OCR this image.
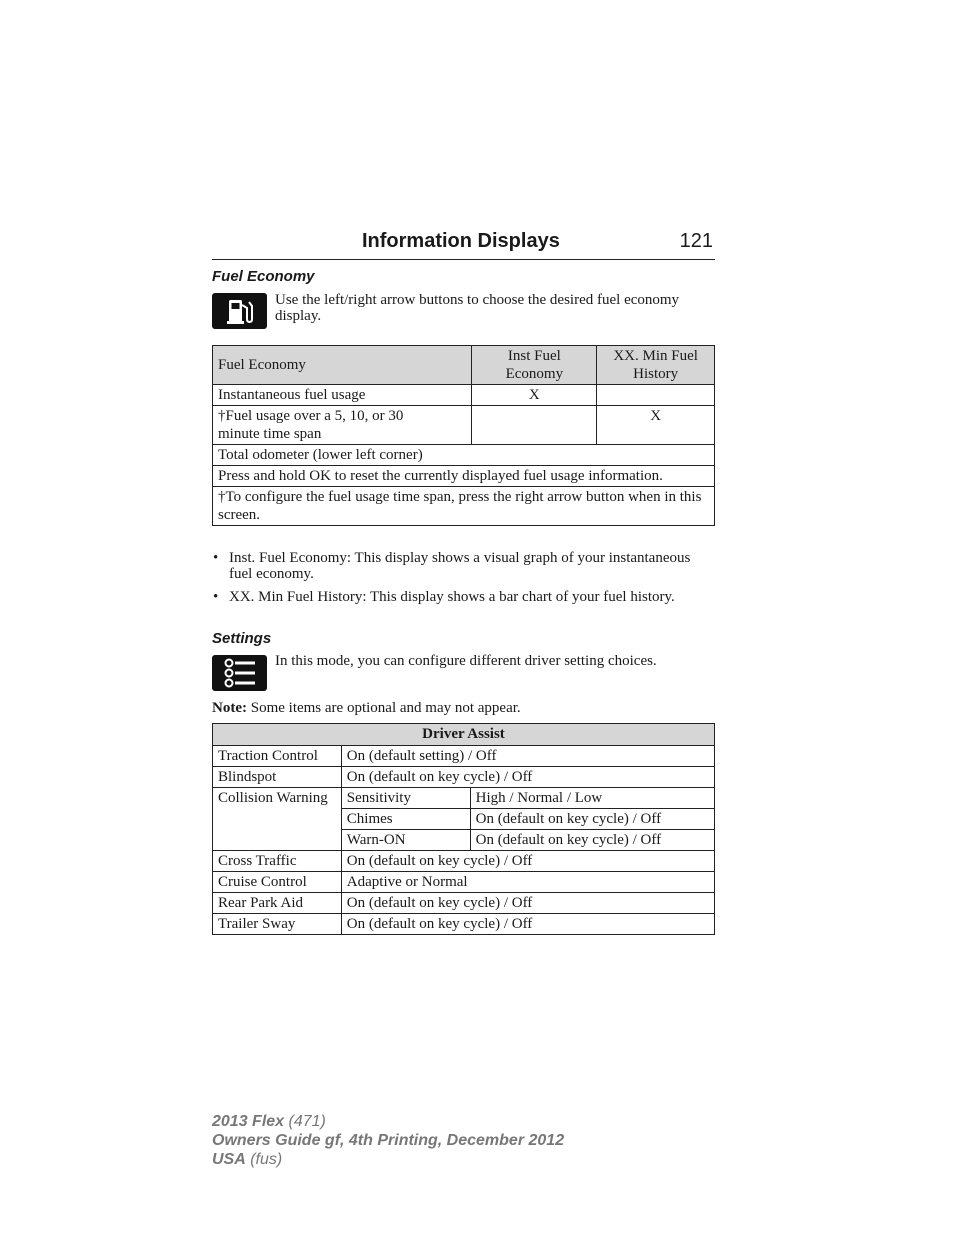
Information Displays	121
Fuel Economy
Use the left/right arrow buttons to choose the desired fuel economy display.
Fuel Economy	Inst Fuel Economy	XX. Min Fuel History
Instantaneous fuel usage	X	
†Fuel usage over a 5, 10, or 30 minute time span		X
Total odometer (lower left corner)		
Press and hold OK to reset the currently displayed fuel usage information.		
†To configure the fuel usage time span, press the right arrow button when in this screen.		
• Inst. Fuel Economy: This display shows a visual graph of your instantaneous fuel economy.
• XX. Min Fuel History: This display shows a bar chart of your fuel history.
Settings
In this mode, you can configure different driver setting choices.
Note: Some items are optional and may not appear.
Driver Assist		
Traction Control	On (default setting) / Off	
Blindspot	On (default on key cycle) / Off	
Collision Warning	Sensitivity	High / Normal / Low
	Chimes	On (default on key cycle) / Off
	Warn-ON	On (default on key cycle) / Off
Cross Traffic	On (default on key cycle) / Off	
Cruise Control	Adaptive or Normal	
Rear Park Aid	On (default on key cycle) / Off	
Trailer Sway	On (default on key cycle) / Off	
2013 Flex (471)
Owners Guide gf, 4th Printing, December 2012
USA (fus)
